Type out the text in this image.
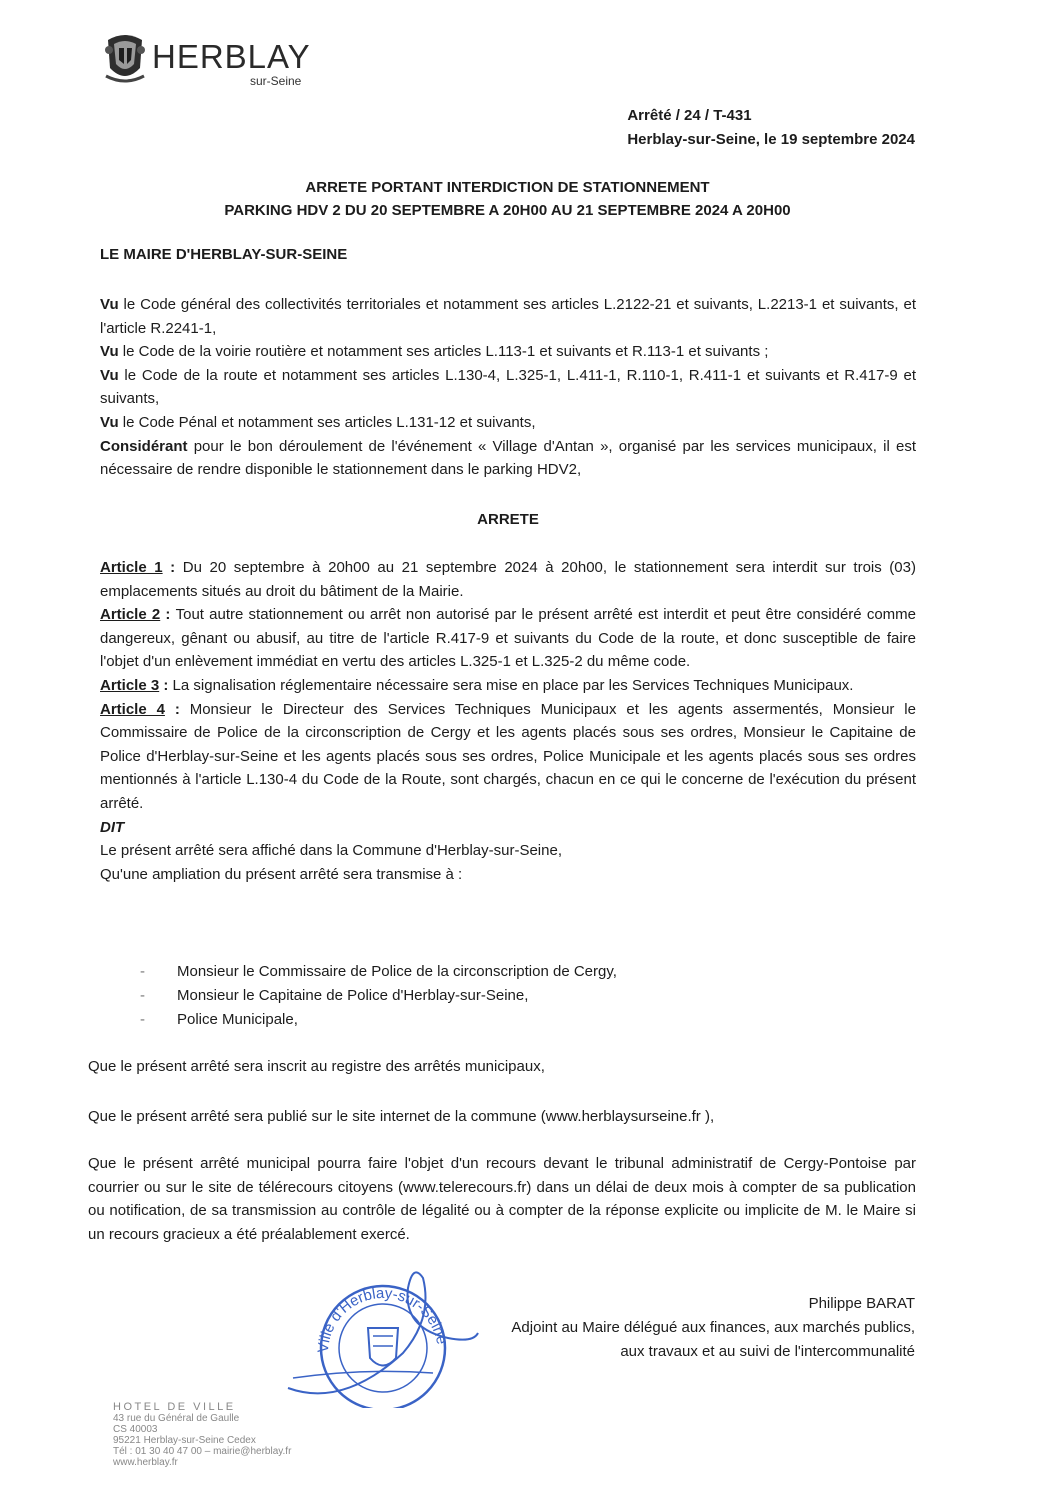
HERBLAY
sur-Seine
Arrêté / 24 / T-431
Herblay-sur-Seine, le 19 septembre 2024
ARRETE PORTANT INTERDICTION DE STATIONNEMENT
PARKING HDV 2 DU 20 SEPTEMBRE A 20H00 AU 21 SEPTEMBRE 2024 A 20H00
LE MAIRE D'HERBLAY-SUR-SEINE

Vu le Code général des collectivités territoriales et notamment ses articles L.2122-21 et suivants, L.2213-1 et suivants, et l'article R.2241-1,

Vu le Code de la voirie routière et notamment ses articles L.113-1 et suivants et R.113-1 et suivants ;

Vu le Code de la route et notamment ses articles L.130-4, L.325-1, L.411-1, R.110-1, R.411-1 et suivants et R.417-9 et suivants,

Vu le Code Pénal et notamment ses articles L.131-12 et suivants,

Considérant pour le bon déroulement de l'événement « Village d'Antan », organisé par les services municipaux, il est nécessaire de rendre disponible le stationnement dans le parking HDV2,

ARRETE

Article 1 : Du 20 septembre à 20h00 au 21 septembre 2024 à 20h00, le stationnement sera interdit sur trois (03) emplacements situés au droit du bâtiment de la Mairie.

Article 2 : Tout autre stationnement ou arrêt non autorisé par le présent arrêté est interdit et peut être considéré comme dangereux, gênant ou abusif, au titre de l'article R.417-9 et suivants du Code de la route, et donc susceptible de faire l'objet d'un enlèvement immédiat en vertu des articles L.325-1 et L.325-2 du même code.

Article 3 : La signalisation réglementaire nécessaire sera mise en place par les Services Techniques Municipaux.

Article 4 : Monsieur le Directeur des Services Techniques Municipaux et les agents assermentés, Monsieur le Commissaire de Police de la circonscription de Cergy et les agents placés sous ses ordres, Monsieur le Capitaine de Police d'Herblay-sur-Seine et les agents placés sous ses ordres, Police Municipale et les agents placés sous ses ordres mentionnés à l'article L.130-4 du Code de la Route, sont chargés, chacun en ce qui le concerne de l'exécution du présent arrêté.

DIT

Le présent arrêté sera affiché dans la Commune d'Herblay-sur-Seine,

Qu'une ampliation du présent arrêté sera transmise à :

- Monsieur le Commissaire de Police de la circonscription de Cergy,
- Monsieur le Capitaine de Police d'Herblay-sur-Seine,
- Police Municipale,

Que le présent arrêté sera inscrit au registre des arrêtés municipaux,

Que le présent arrêté sera publié sur le site internet de la commune (www.herblaysurseine.fr ),

Que le présent arrêté municipal pourra faire l'objet d'un recours devant le tribunal administratif de Cergy-Pontoise par courrier ou sur le site de télérecours citoyens (www.telerecours.fr) dans un délai de deux mois à compter de sa publication ou notification, de sa transmission au contrôle de légalité ou à compter de la réponse explicite ou implicite de M. le Maire si un recours gracieux a été préalablement exercé.

Ville d'Herblay-sur-Seine
Philippe BARAT
Adjoint au Maire délégué aux finances, aux marchés publics,
aux travaux et au suivi de l'intercommunalité
HOTEL DE VILLE
43 rue du Général de Gaulle
CS 40003
95221 Herblay-sur-Seine Cedex
Tél : 01 30 40 47 00 – mairie@herblay.fr
www.herblay.fr
